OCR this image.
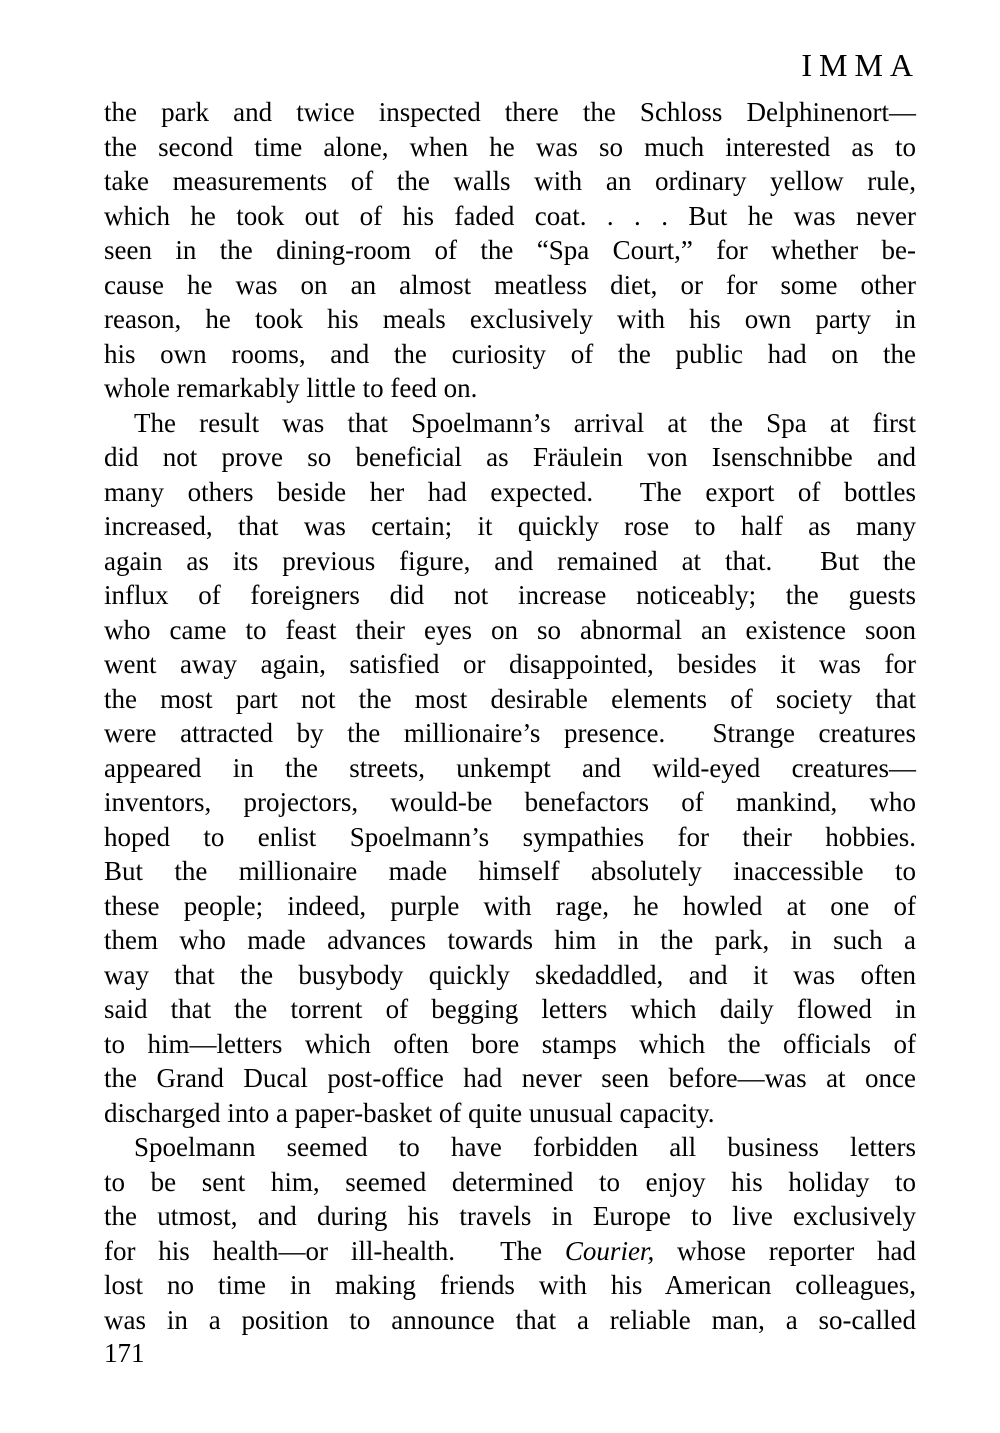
IMMA
the park and twice inspected there the Schloss Delphinenort—
the second time alone, when he was so much interested as to
take measurements of the walls with an ordinary yellow rule,
which he took out of his faded coat. . . . But he was never
seen in the dining-room of the “Spa Court,” for whether be-
cause he was on an almost meatless diet, or for some other
reason, he took his meals exclusively with his own party in
his own rooms, and the curiosity of the public had on the
whole remarkably little to feed on.
The result was that Spoelmann’s arrival at the Spa at first
did not prove so beneficial as Fräulein von Isenschnibbe and
many others beside her had expected.  The export of bottles
increased, that was certain; it quickly rose to half as many
again as its previous figure, and remained at that.  But the
influx of foreigners did not increase noticeably; the guests
who came to feast their eyes on so abnormal an existence soon
went away again, satisfied or disappointed, besides it was for
the most part not the most desirable elements of society that
were attracted by the millionaire’s presence.  Strange creatures
appeared in the streets, unkempt and wild-eyed creatures—
inventors, projectors, would-be benefactors of mankind, who
hoped to enlist Spoelmann’s sympathies for their hobbies.
But the millionaire made himself absolutely inaccessible to
these people; indeed, purple with rage, he howled at one of
them who made advances towards him in the park, in such a
way that the busybody quickly skedaddled, and it was often
said that the torrent of begging letters which daily flowed in
to him—letters which often bore stamps which the officials of
the Grand Ducal post-office had never seen before—was at once
discharged into a paper-basket of quite unusual capacity.
Spoelmann seemed to have forbidden all business letters
to be sent him, seemed determined to enjoy his holiday to
the utmost, and during his travels in Europe to live exclusively
for his health—or ill-health.  The Courier, whose reporter had
lost no time in making friends with his American colleagues,
was in a position to announce that a reliable man, a so-called
171
